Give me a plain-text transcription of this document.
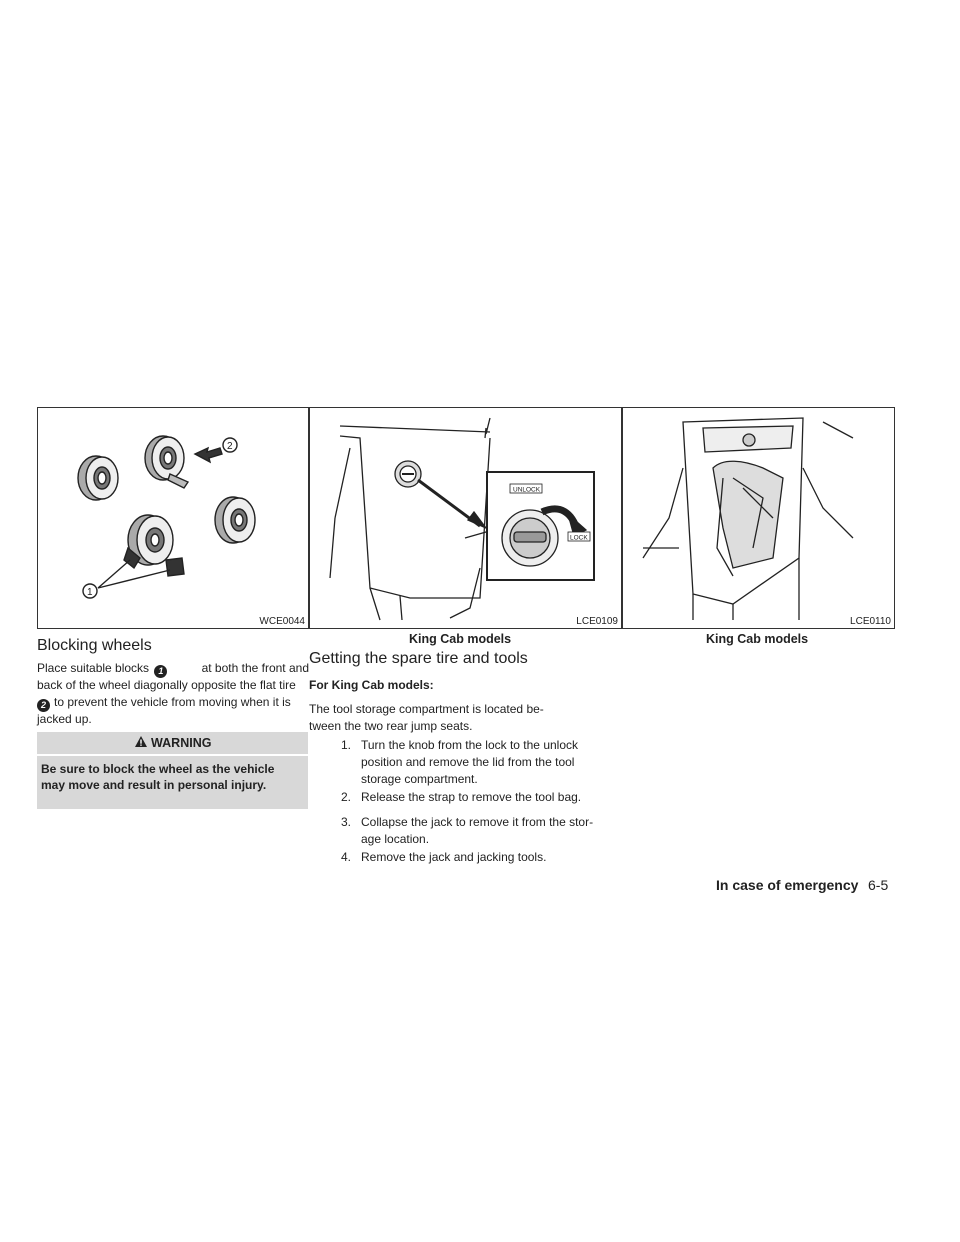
1
2
WCE0044
UNLOCK
LOCK
LCE0109
King Cab models
LCE0110
King Cab models
Blocking wheels
Place suitable blocks 1	at both the front and
back of the wheel diagonally opposite the flat tire
2 to prevent the vehicle from moving when it is
jacked up.
WARNING
Be sure to block the wheel as the vehicle
may move and result in personal injury.
Getting the spare tire and tools
For King Cab models:
The tool storage compartment is located be-
tween the two rear jump seats.
1. Turn the knob from the lock to the unlock
position and remove the lid from the tool
storage compartment.
2. Release the strap to remove the tool bag.
3. Collapse the jack to remove it from the stor-
age location.
4. Remove the jack and jacking tools.
In case of emergency 6-5
